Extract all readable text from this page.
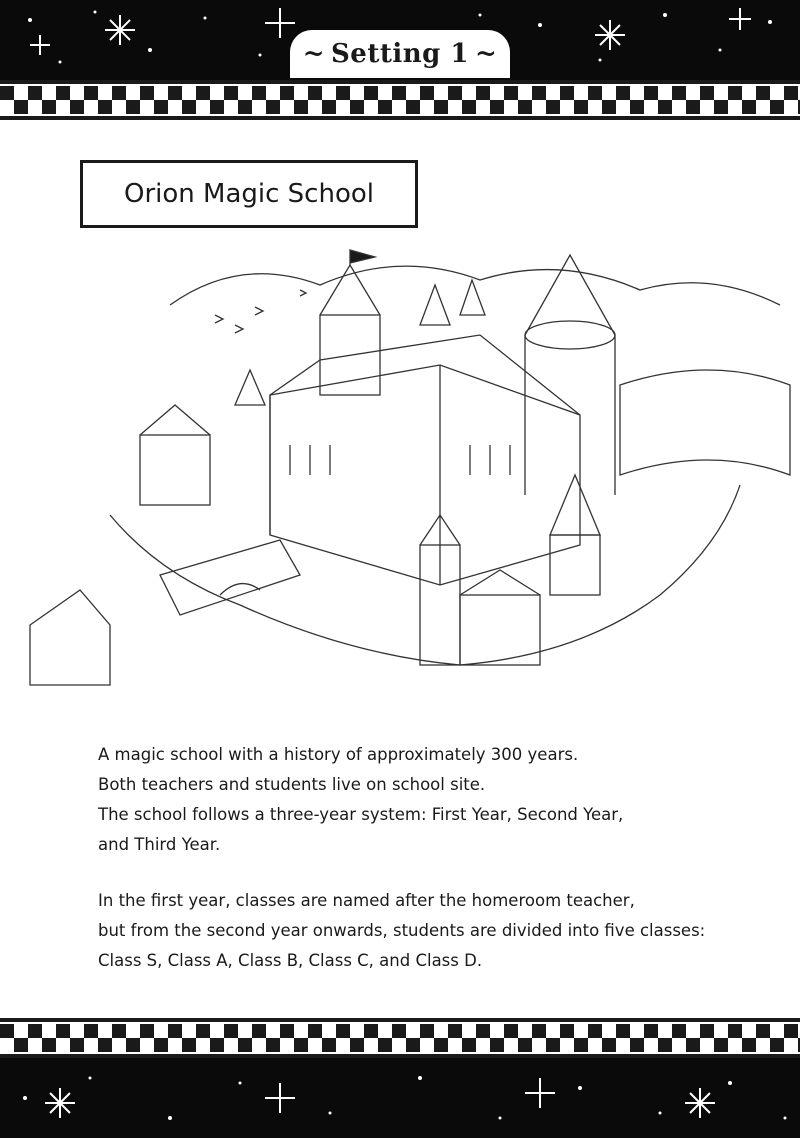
~ Setting 1 ~
Orion Magic School

A magic school with a history of approximately 300 years.

Both teachers and students live on school site.

The school follows a three-year system: First Year, Second Year,

and Third Year.

In the first year, classes are named after the homeroom teacher,

but from the second year onwards, students are divided into five classes:

Class S, Class A, Class B, Class C, and Class D.
